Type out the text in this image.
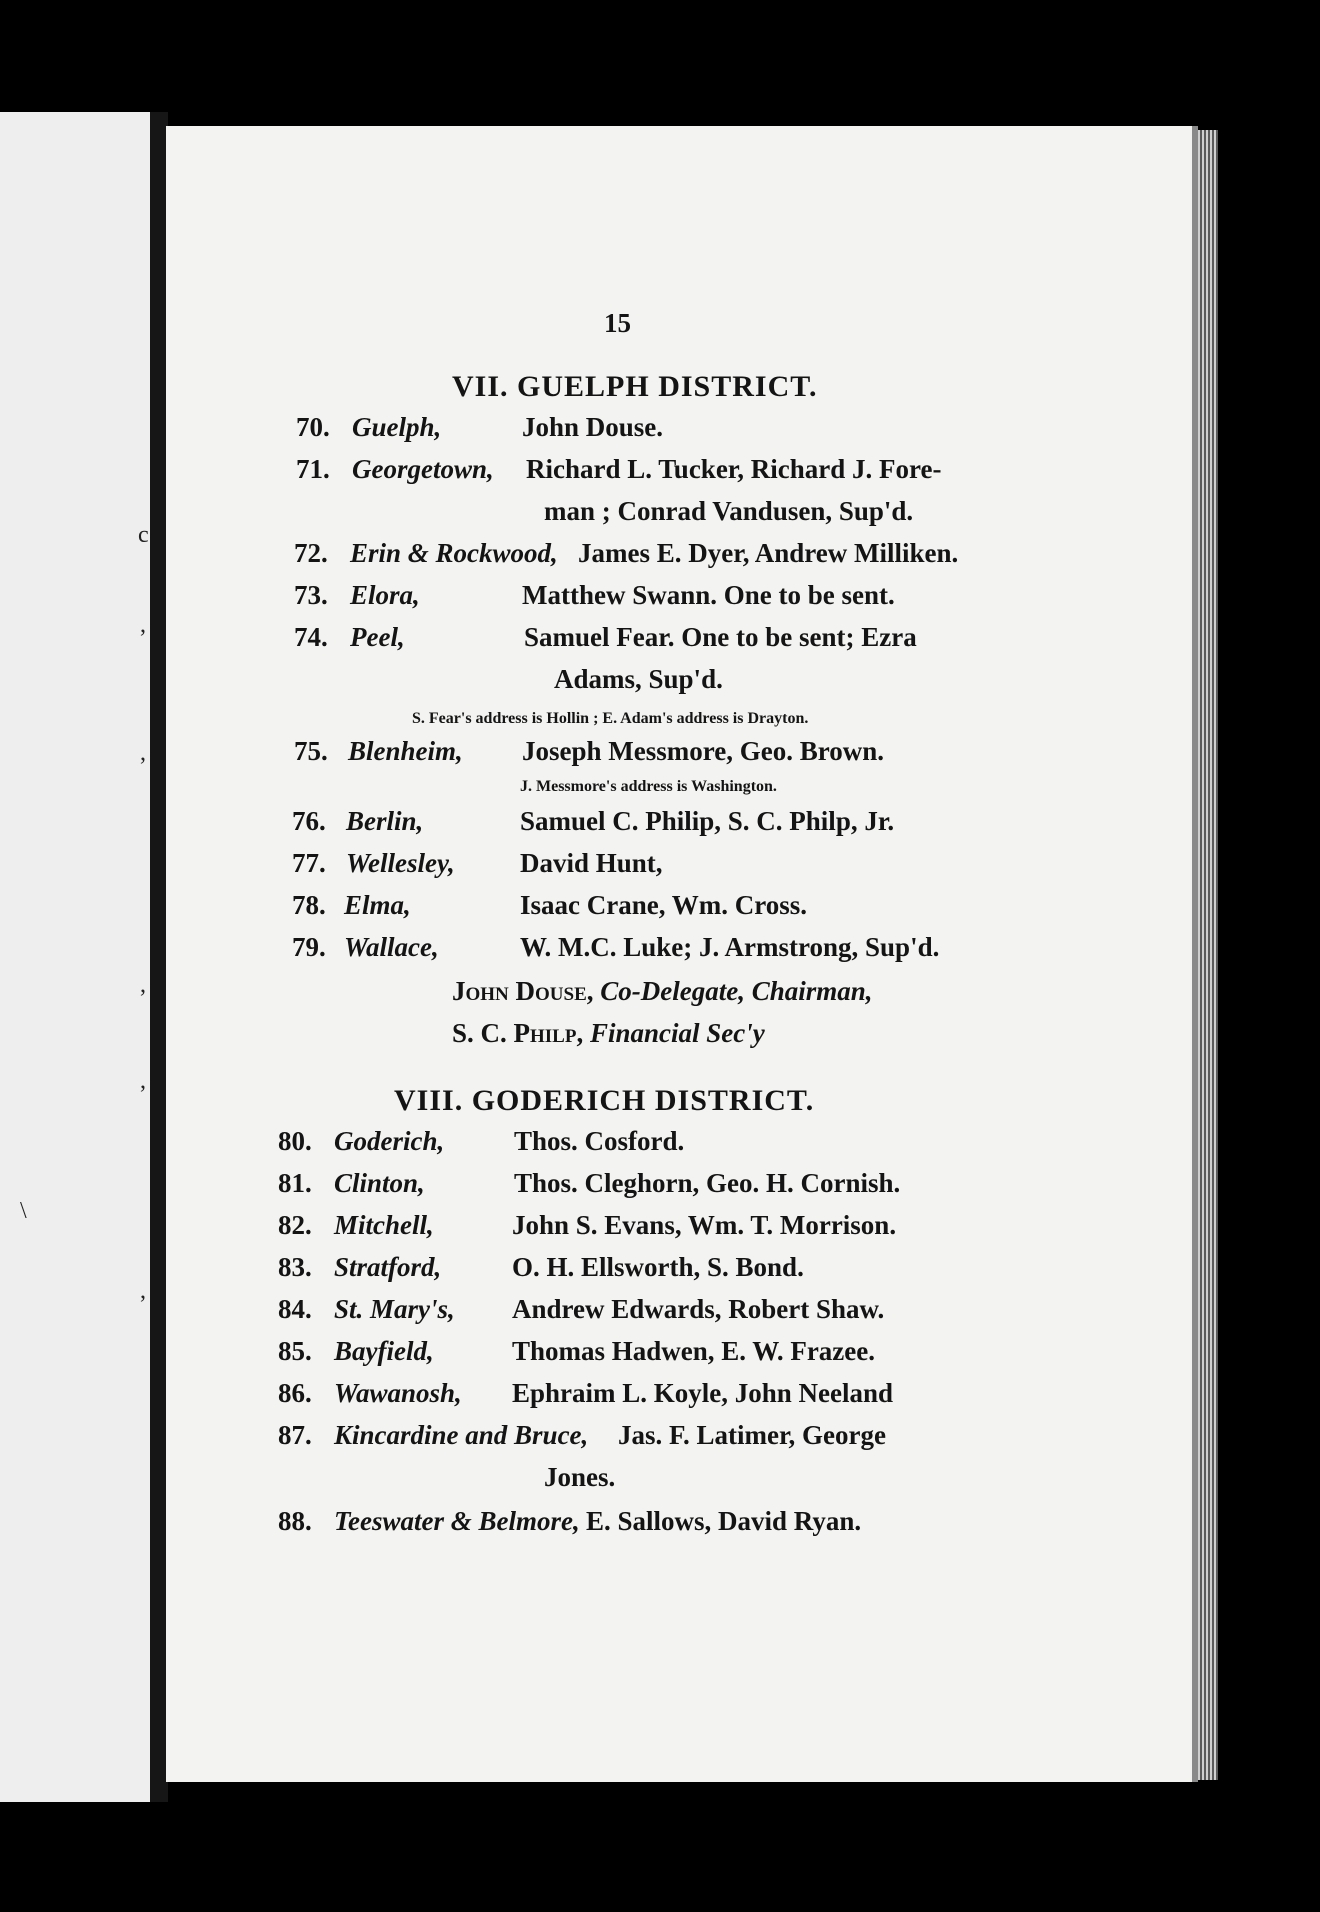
c
,
,
,
,
\
,
15
VII. GUELPH DISTRICT.
70. Guelph,	John Douse.
71. Georgetown, Richard L. Tucker, Richard J. Fore-
man ; Conrad Vandusen, Sup'd.
72. Erin & Rockwood, James E. Dyer, Andrew Milliken.
73. Elora,	Matthew Swann. One to be sent.
74. Peel,	Samuel Fear. One to be sent; Ezra
Adams, Sup'd.
S. Fear's address is Hollin ; E. Adam's address is Drayton.
75. Blenheim, Joseph Messmore, Geo. Brown.
J. Messmore's address is Washington.
76. Berlin,	Samuel C. Philip, S. C. Philp, Jr.
77. Wellesley, David Hunt,
78. Elma,	Isaac Crane, Wm. Cross.
79. Wallace,	W. M.C. Luke; J. Armstrong, Sup'd.
John Douse, Co-Delegate, Chairman,
S. C. Philp, Financial Sec'y
VIII. GODERICH DISTRICT.
80. Goderich,	Thos. Cosford.
81. Clinton,	Thos. Cleghorn, Geo. H. Cornish.
82. Mitchell,	John S. Evans, Wm. T. Morrison.
83. Stratford,	O. H. Ellsworth, S. Bond.
84. St. Mary's, Andrew Edwards, Robert Shaw.
85. Bayfield,	Thomas Hadwen, E. W. Frazee.
86. Wawanosh, Ephraim L. Koyle, John Neeland
87. Kincardine and Bruce, Jas. F. Latimer, George
Jones.
88. Teeswater & Belmore, E. Sallows, David Ryan.
